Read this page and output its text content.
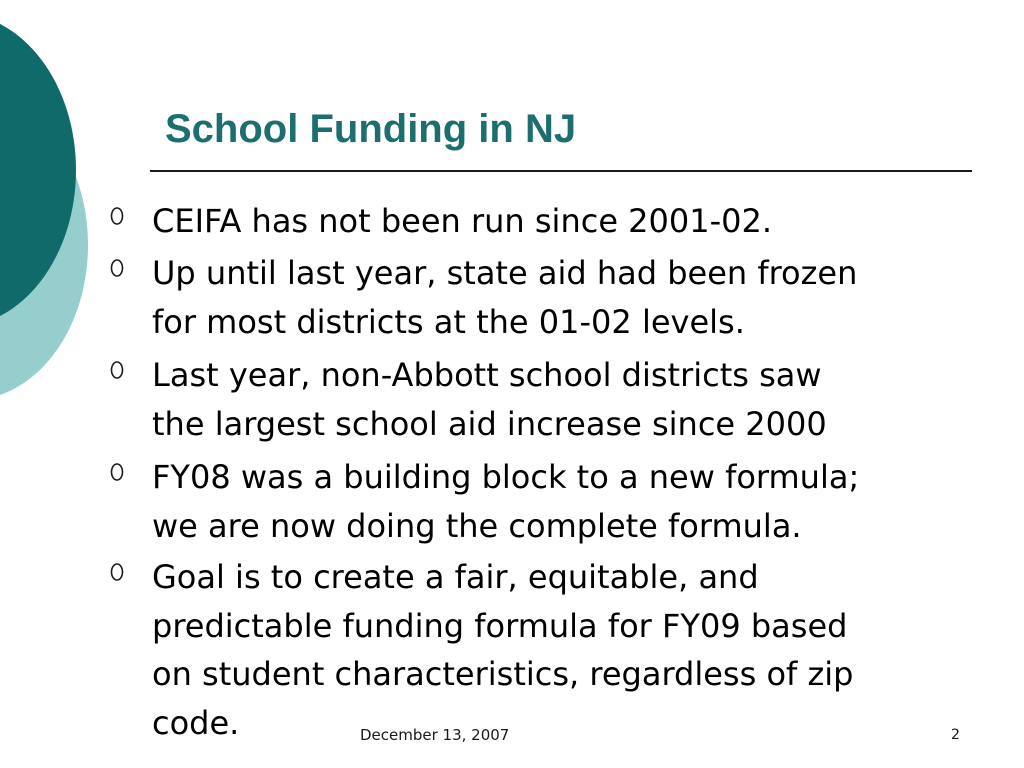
School Funding in NJ
CEIFA has not been run since 2001-02.
Up until last year, state aid had been frozen
for most districts at the 01-02 levels.
Last year, non-Abbott school districts saw
the largest school aid increase since 2000
FY08 was a building block to a new formula;
we are now doing the complete formula.
Goal is to create a fair, equitable, and
predictable funding formula for FY09 based
on student characteristics, regardless of zip
code.	December 13, 2007	2
